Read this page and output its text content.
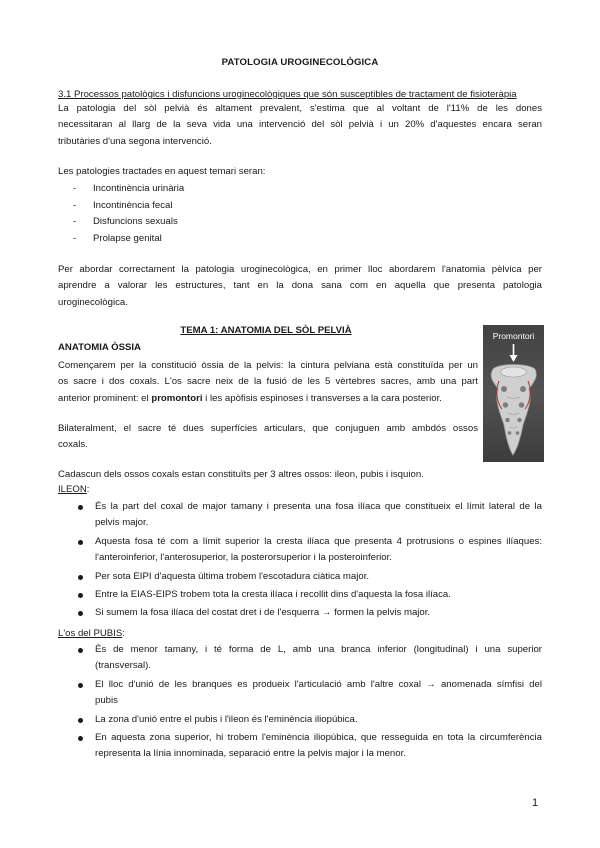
PATOLOGIA UROGINECOLÒGICA
3.1 Processos patològics i disfuncions uroginecològiques que són susceptibles de tractament de fisioteràpia
La patologia del sòl pelvià és altament prevalent, s'estima que al voltant de l'11% de les dones
necessitaran al llarg de la seva vida una intervenció del sòl pelvià i un 20% d'aquestes encara seran
tributàries d'una segona intervenció.
Les patologies tractades en aquest temari seran:
- Incontinència urinària
- Incontinència fecal
- Disfuncions sexuals
- Prolapse genital
Per abordar correctament la patologia uroginecològica, en primer lloc abordarem l'anatomia pèlvica per
aprendre a valorar les estructures, tant en la dona sana com en aquella que presenta patologia
uroginecològica.
TEMA 1: ANATOMIA DEL SÒL PELVIÀ
ANATOMIA ÒSSIA
Començarem per la constitució òssia de la pelvis: la cintura pelviana està constituïda per un
os sacre i dos coxals. L'os sacre neix de la fusió de les 5 vèrtebres sacres, amb una part
anterior prominent: el promontori i les apòfisis espinoses i transverses a la cara posterior.
Bilateralment, el sacre té dues superfícies articulars, que conjuguen amb ambdós ossos
coxals.
Cadascun dels ossos coxals estan constituïts per 3 altres ossos: ileon, pubis i isquion.
ILEON:
És la part del coxal de major tamany i presenta una fosa ilíaca que constitueix el límit lateral de la
pelvis major.
Aquesta fosa té com a límit superior la cresta ilíaca que presenta 4 protrusions o espines ilíaques:
l'anteroinferior, l'anterosuperior, la posterorsuperior i la posteroinferior.
Per sota EIPI d'aquesta última trobem l'escotadura ciàtica major.
Entre la EIAS-EIPS trobem tota la cresta ilíaca i recollit dins d'aquesta la fosa ilíaca.
Si sumem la fosa ilíaca del costat dret i de l'esquerra → formen la pelvis major.
L'os del PUBIS:
És de menor tamany, i té forma de L, amb una branca inferior (longitudinal) i una superior
(transversal).
El lloc d'unió de les branques es produeix l'articulació amb l'altre coxal → anomenada símfisi del
pubis
La zona d'unió entre el pubis i l'ileon és l'eminència iliopúbica.
En aquesta zona superior, hi trobem l'eminència iliopúbica, que resseguida en tota la circumferència
representa la línia innominada, separació entre la pelvis major i la menor.
Promontori
1
